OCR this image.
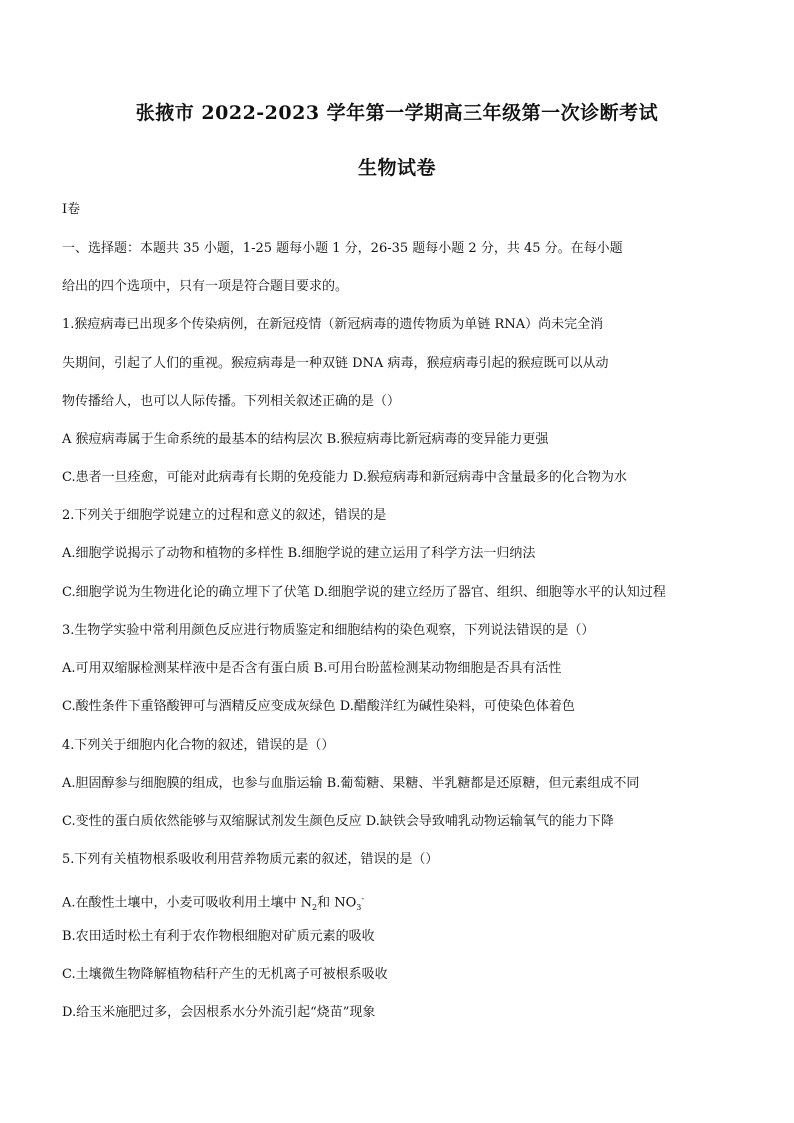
张掖市 2022-2023 学年第一学期高三年级第一次诊断考试
生物试卷
I卷
一、选择题：本题共 35 小题，1-25 题每小题 1 分，26-35 题每小题 2 分，共 45 分。在每小题
给出的四个选项中，只有一项是符合题目要求的。
1.猴痘病毒已出现多个传染病例，在新冠疫情（新冠病毒的遗传物质为单链 RNA）尚未完全消
失期间，引起了人们的重视。猴痘病毒是一种双链 DNA 病毒，猴痘病毒引起的猴痘既可以从动
物传播给人，也可以人际传播。下列相关叙述正确的是（）
A 猴痘病毒属于生命系统的最基本的结构层次 B.猴痘病毒比新冠病毒的变异能力更强
C.患者一旦痊愈，可能对此病毒有长期的免疫能力 D.猴痘病毒和新冠病毒中含量最多的化合物为水
2.下列关于细胞学说建立的过程和意义的叙述，错误的是
A.细胞学说揭示了动物和植物的多样性 B.细胞学说的建立运用了科学方法一归纳法
C.细胞学说为生物进化论的确立埋下了伏笔 D.细胞学说的建立经历了器官、组织、细胞等水平的认知过程
3.生物学实验中常利用颜色反应进行物质鉴定和细胞结构的染色观察，下列说法错误的是（）
A.可用双缩脲检测某样液中是否含有蛋白质 B.可用台盼蓝检测某动物细胞是否具有活性
C.酸性条件下重铬酸钾可与酒精反应变成灰绿色 D.醋酸洋红为碱性染料，可使染色体着色
4.下列关于细胞内化合物的叙述，错误的是（）
A.胆固醇参与细胞膜的组成，也参与血脂运输 B.葡萄糖、果糖、半乳糖都是还原糖，但元素组成不同
C.变性的蛋白质依然能够与双缩脲试剂发生颜色反应 D.缺铁会导致哺乳动物运输氧气的能力下降
5.下列有关植物根系吸收利用营养物质元素的叙述，错误的是（）
A.在酸性土壤中，小麦可吸收利用土壤中 $N_2$和 $NO_3^-$
B.农田适时松土有利于农作物根细胞对矿质元素的吸收
C.土壤微生物降解植物秸秆产生的无机离子可被根系吸收
D.给玉米施肥过多，会因根系水分外流引起“烧苗”现象
